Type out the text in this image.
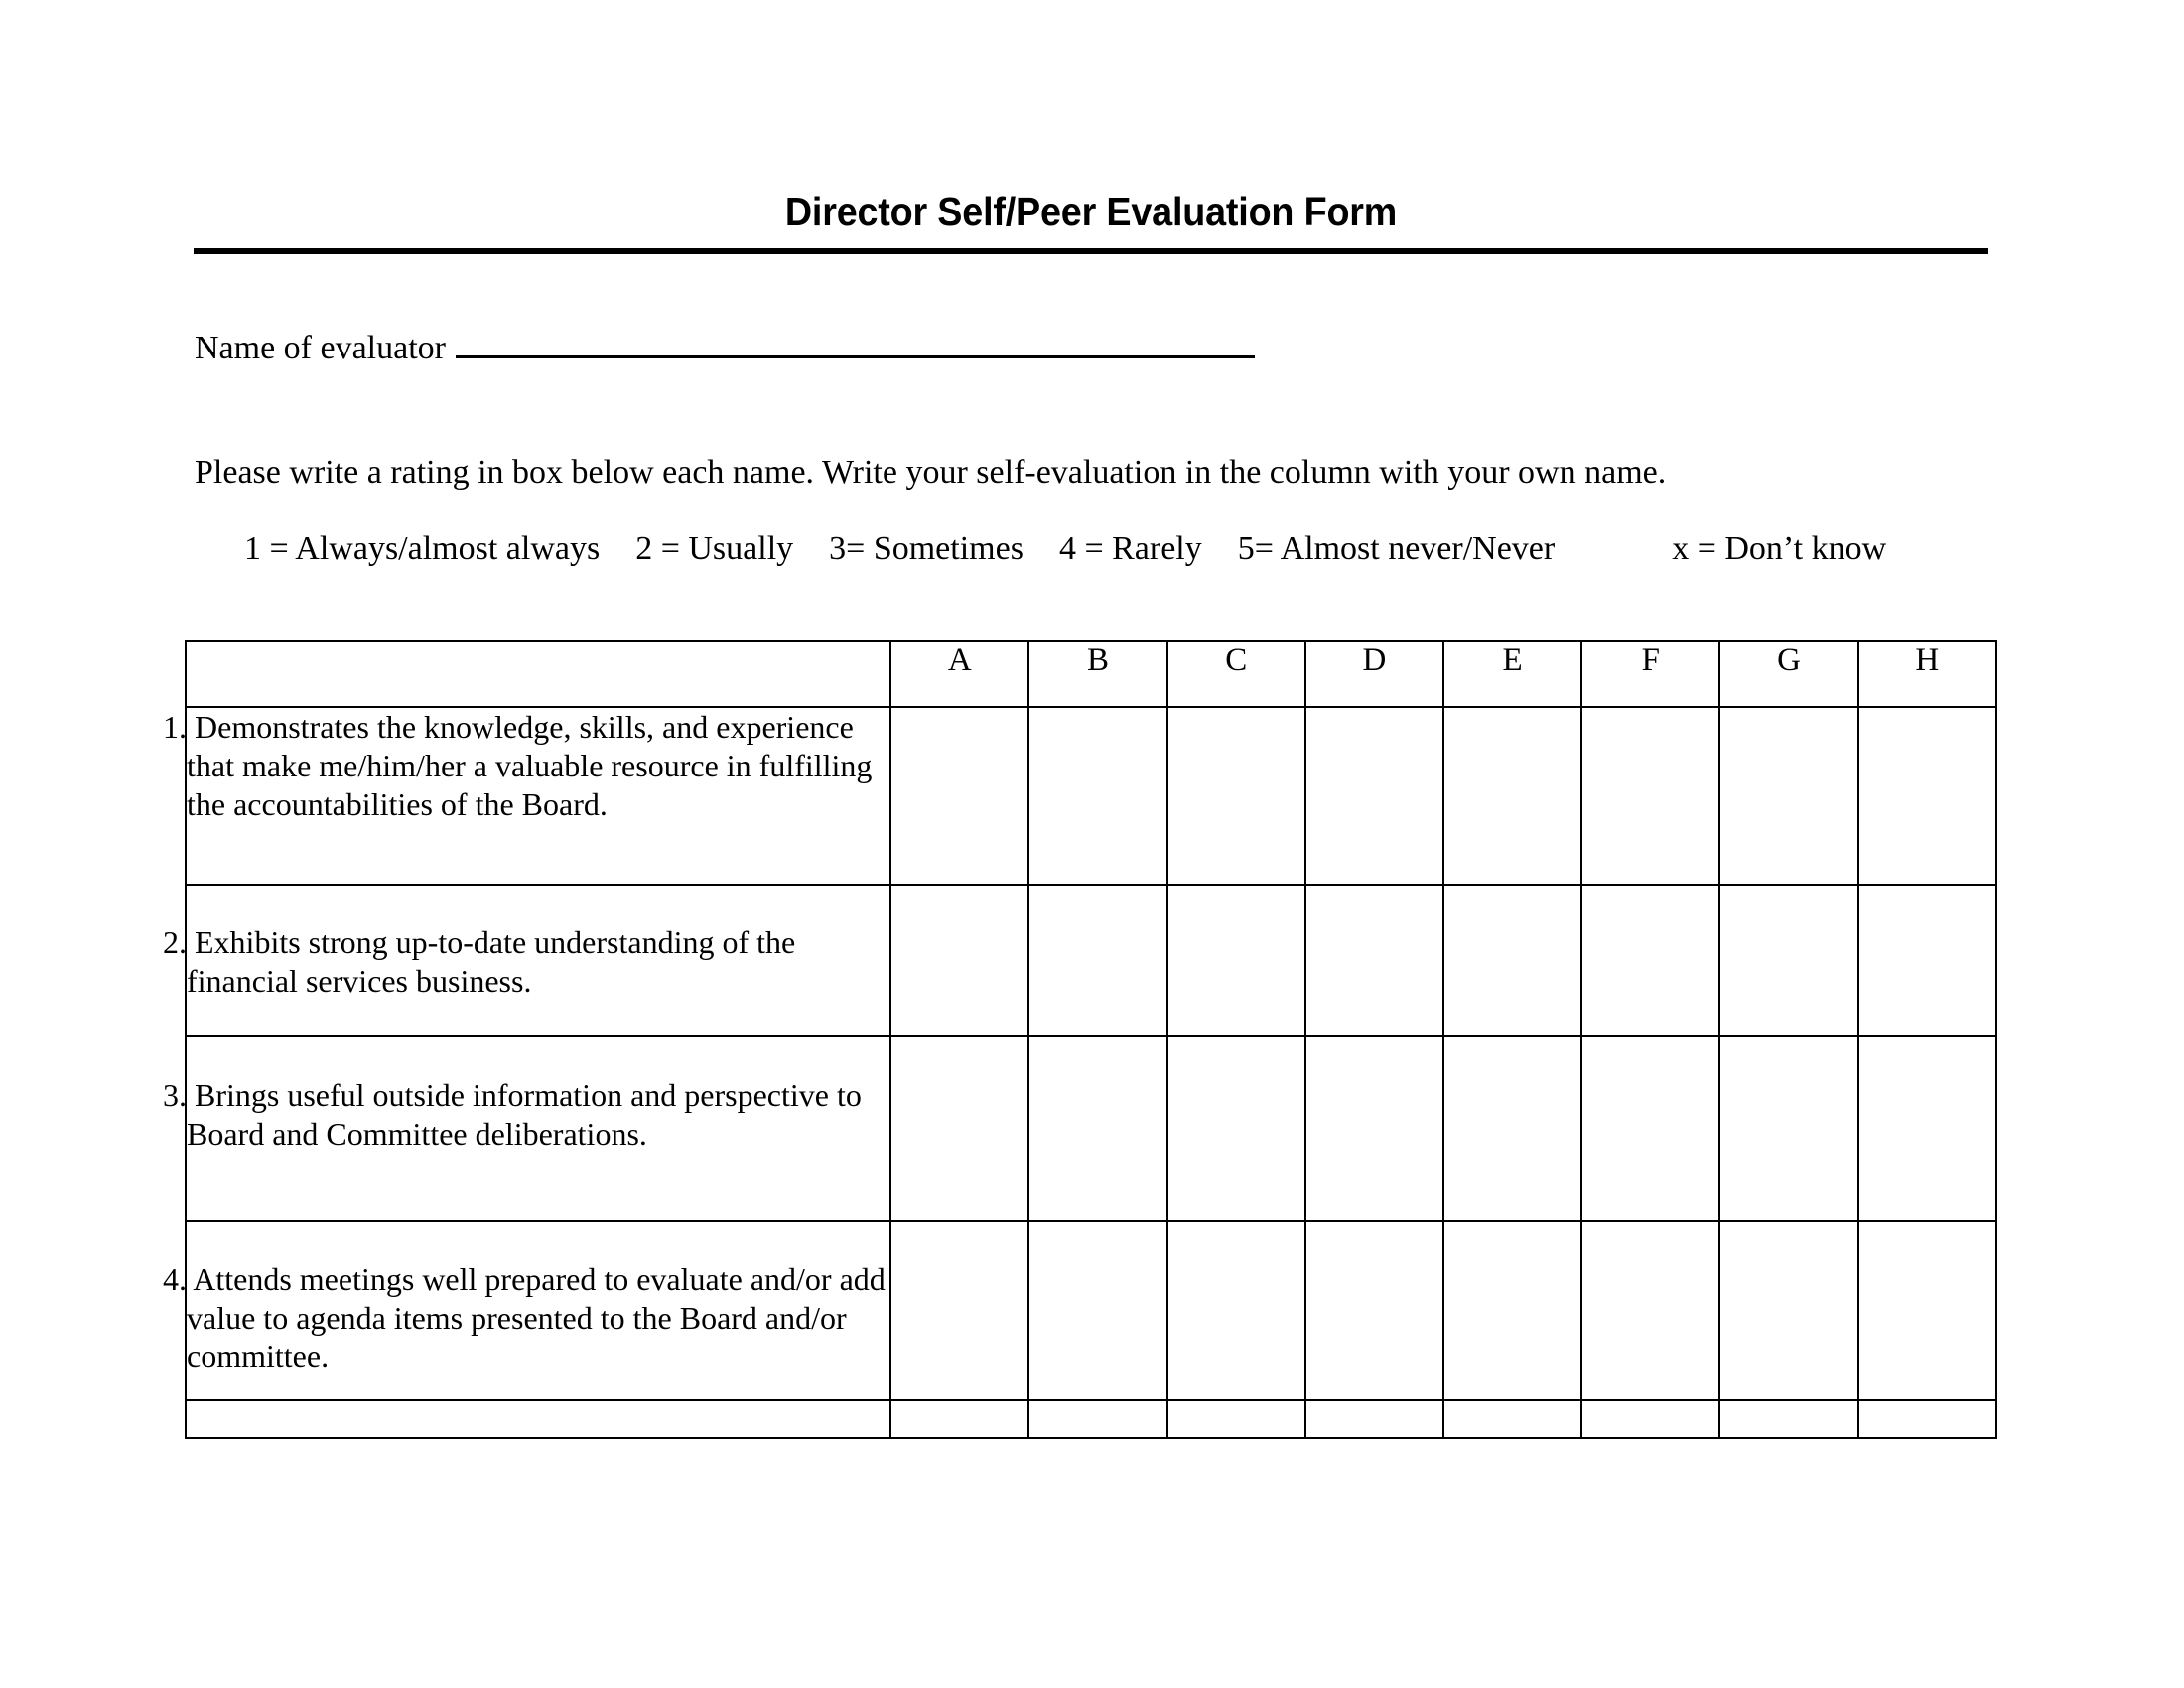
Director Self/Peer Evaluation Form
Name of evaluator
Please write a rating in box below each name. Write your self-evaluation in the column with your own name.
1 = Always/almost always 2 = Usually 3= Sometimes 4 = Rarely 5= Almost never/Never	x = Don’t know
	A	B	C	D	E	F	G	H
1. Demonstrates the knowledge, skills, and experience that make me/him/her a valuable resource in fulfilling the accountabilities of the Board.								
2. Exhibits strong up-to-date understanding of the financial services business.								
3. Brings useful outside information and perspective to Board and Committee deliberations.								
4. Attends meetings well prepared to evaluate and/or add value to agenda items presented to the Board and/or committee.								
